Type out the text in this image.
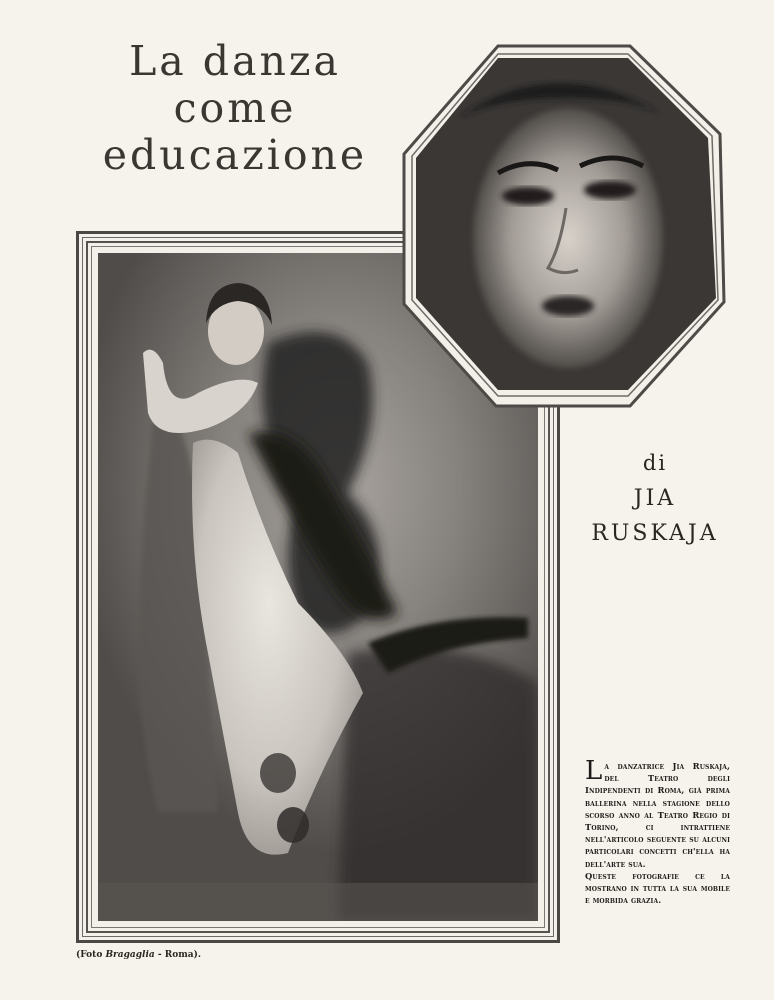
La danza
come
educazione
di
JIA
RUSKAJA

La danzatrice Jia Ruskaja, del Teatro degli Indipendenti di Roma, già prima ballerina nella stagione dello scorso anno al Teatro Regio di Torino, ci intrattiene nell'articolo seguente su alcuni particolari concetti ch'ella ha dell'arte sua.

Queste fotografie ce la mostrano in tutta la sua mobile e morbida grazia.

(Foto Bragaglia - Roma).
